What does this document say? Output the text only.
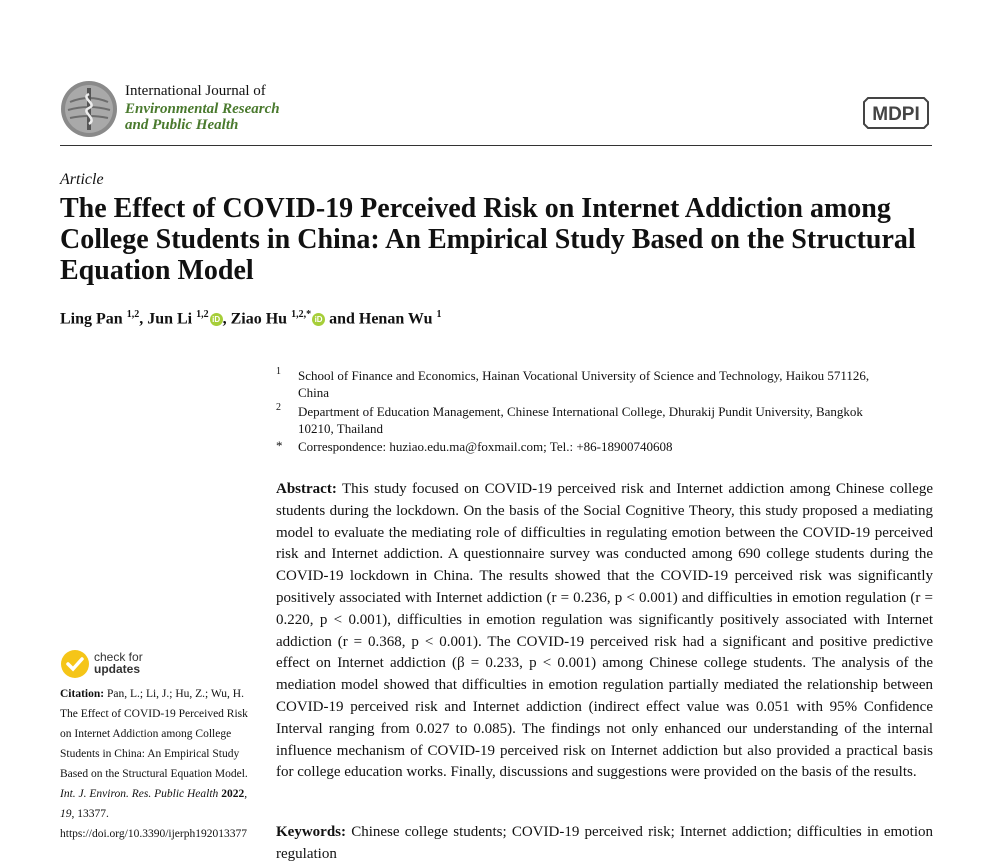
International Journal of
Environmental Research
and Public Health	MDPI
Article
The Effect of COVID-19 Perceived Risk on Internet Addiction among College Students in China: An Empirical Study Based on the Structural Equation Model
Ling Pan $^{1,2}$, Jun Li $^{1,2}$ iD , Ziao Hu $^{1,2,*}$ iD and Henan Wu $^1$
1 School of Finance and Economics, Hainan Vocational University of Science and Technology, Haikou 571126, China
2 Department of Education Management, Chinese International College, Dhurakij Pundit University, Bangkok 10210, Thailand
* Correspondence: huziao.edu.ma@foxmail.com; Tel.: +86-18900740608
Abstract: This study focused on COVID-19 perceived risk and Internet addiction among Chinese college students during the lockdown. On the basis of the Social Cognitive Theory, this study proposed a mediating model to evaluate the mediating role of difficulties in regulating emotion between the COVID-19 perceived risk and Internet addiction. A questionnaire survey was conducted among 690 college students during the COVID-19 lockdown in China. The results showed that the COVID-19 perceived risk was significantly positively associated with Internet addiction (r = 0.236, p < 0.001) and difficulties in emotion regulation (r = 0.220, p < 0.001), difficulties in emotion regulation was significantly positively associated with Internet addiction (r = 0.368, p < 0.001). The COVID-19 perceived risk had a significant and positive predictive effect on Internet addiction (β = 0.233, p < 0.001) among Chinese college students. The analysis of the mediation model showed that difficulties in emotion regulation partially mediated the relationship between COVID-19 perceived risk and Internet addiction (indirect effect value was 0.051 with 95% Confidence Interval ranging from 0.027 to 0.085). The findings not only enhanced our understanding of the internal influence mechanism of COVID-19 perceived risk on Internet addiction but also provided a practical basis for college education works. Finally, discussions and suggestions were provided on the basis of the results.
Keywords: Chinese college students; COVID-19 perceived risk; Internet addiction; difficulties in emotion regulation
check for
updates
Citation: Pan, L.; Li, J.; Hu, Z.; Wu, H. The Effect of COVID-19 Perceived Risk on Internet Addiction among College Students in China: An Empirical Study Based on the Structural Equation Model. Int. J. Environ. Res. Public Health 2022, 19, 13377. https://doi.org/10.3390/ijerph192013377
